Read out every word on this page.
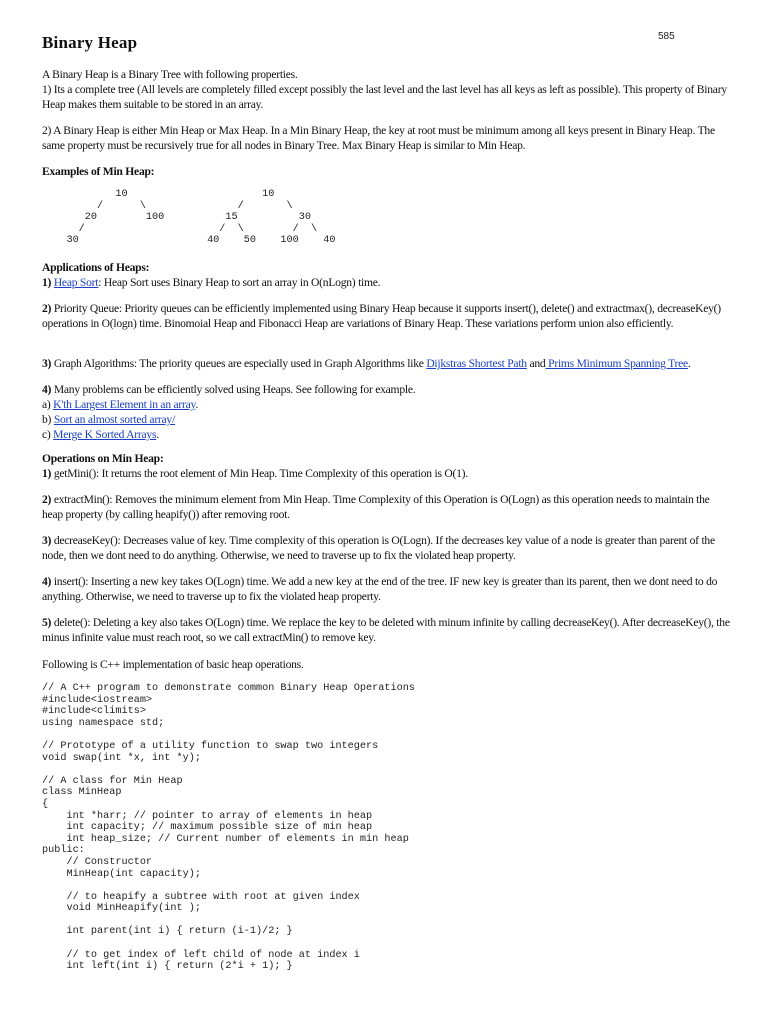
585
Binary Heap

A Binary Heap is a Binary Tree with following properties.
1) Its a complete tree (All levels are completely filled except possibly the last level and the last level has all keys as left as possible). This property of Binary Heap makes them suitable to be stored in an array.

2) A Binary Heap is either Min Heap or Max Heap. In a Min Binary Heap, the key at root must be minimum among all keys present in Binary Heap. The same property must be recursively true for all nodes in Binary Tree. Max Binary Heap is similar to Min Heap.

Examples of Min Heap:

10                      10
/      \               /       \
20        100          15          30
/                      /  \        /  \
30                     40    50    100    40

Applications of Heaps:
1) Heap Sort: Heap Sort uses Binary Heap to sort an array in O(nLogn) time.

2) Priority Queue: Priority queues can be efficiently implemented using Binary Heap because it supports insert(), delete() and extractmax(), decreaseKey() operations in O(logn) time. Binomoial Heap and Fibonacci Heap are variations of Binary Heap. These variations perform union also efficiently.

3) Graph Algorithms: The priority queues are especially used in Graph Algorithms like Dijkstras Shortest Path and Prims Minimum Spanning Tree.

4) Many problems can be efficiently solved using Heaps. See following for example.
a) K'th Largest Element in an array.
b) Sort an almost sorted array/
c) Merge K Sorted Arrays.

Operations on Min Heap:
1) getMini(): It returns the root element of Min Heap. Time Complexity of this operation is O(1).

2) extractMin(): Removes the minimum element from Min Heap. Time Complexity of this Operation is O(Logn) as this operation needs to maintain the heap property (by calling heapify()) after removing root.

3) decreaseKey(): Decreases value of key. Time complexity of this operation is O(Logn). If the decreases key value of a node is greater than parent of the node, then we dont need to do anything. Otherwise, we need to traverse up to fix the violated heap property.

4) insert(): Inserting a new key takes O(Logn) time. We add a new key at the end of the tree. IF new key is greater than its parent, then we dont need to do anything. Otherwise, we need to traverse up to fix the violated heap property.

5) delete(): Deleting a key also takes O(Logn) time. We replace the key to be deleted with minum infinite by calling decreaseKey(). After decreaseKey(), the minus infinite value must reach root, so we call extractMin() to remove key.

Following is C++ implementation of basic heap operations.

// A C++ program to demonstrate common Binary Heap Operations
#include<iostream>
#include<climits>
using namespace std;

// Prototype of a utility function to swap two integers
void swap(int *x, int *y);

// A class for Min Heap
class MinHeap
{
int *harr; // pointer to array of elements in heap
int capacity; // maximum possible size of min heap
int heap_size; // Current number of elements in min heap
public:
// Constructor
MinHeap(int capacity);

// to heapify a subtree with root at given index
void MinHeapify(int );

int parent(int i) { return (i-1)/2; }

// to get index of left child of node at index i
int left(int i) { return (2*i + 1); }
